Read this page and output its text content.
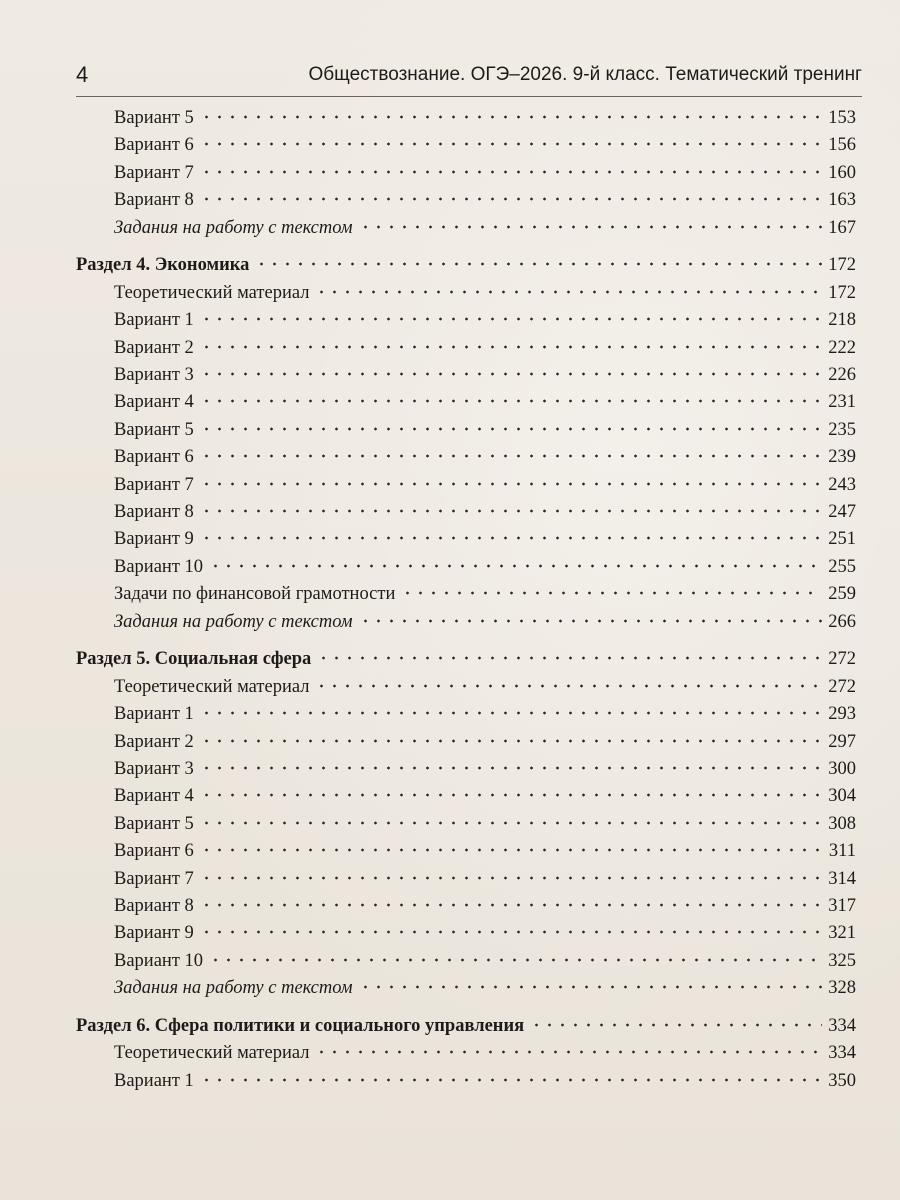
4	Обществознание. ОГЭ–2026. 9-й класс. Тематический тренинг
Вариант 5	153
Вариант 6	156
Вариант 7	160
Вариант 8	163
Задания на работу с текстом	167
Раздел 4. Экономика	172
Теоретический материал	172
Вариант 1	218
Вариант 2	222
Вариант 3	226
Вариант 4	231
Вариант 5	235
Вариант 6	239
Вариант 7	243
Вариант 8	247
Вариант 9	251
Вариант 10	255
Задачи по финансовой грамотности	259
Задания на работу с текстом	266
Раздел 5. Социальная сфера	272
Теоретический материал	272
Вариант 1	293
Вариант 2	297
Вариант 3	300
Вариант 4	304
Вариант 5	308
Вариант 6	311
Вариант 7	314
Вариант 8	317
Вариант 9	321
Вариант 10	325
Задания на работу с текстом	328
Раздел 6. Сфера политики и социального управления	334
Теоретический материал	334
Вариант 1	350
